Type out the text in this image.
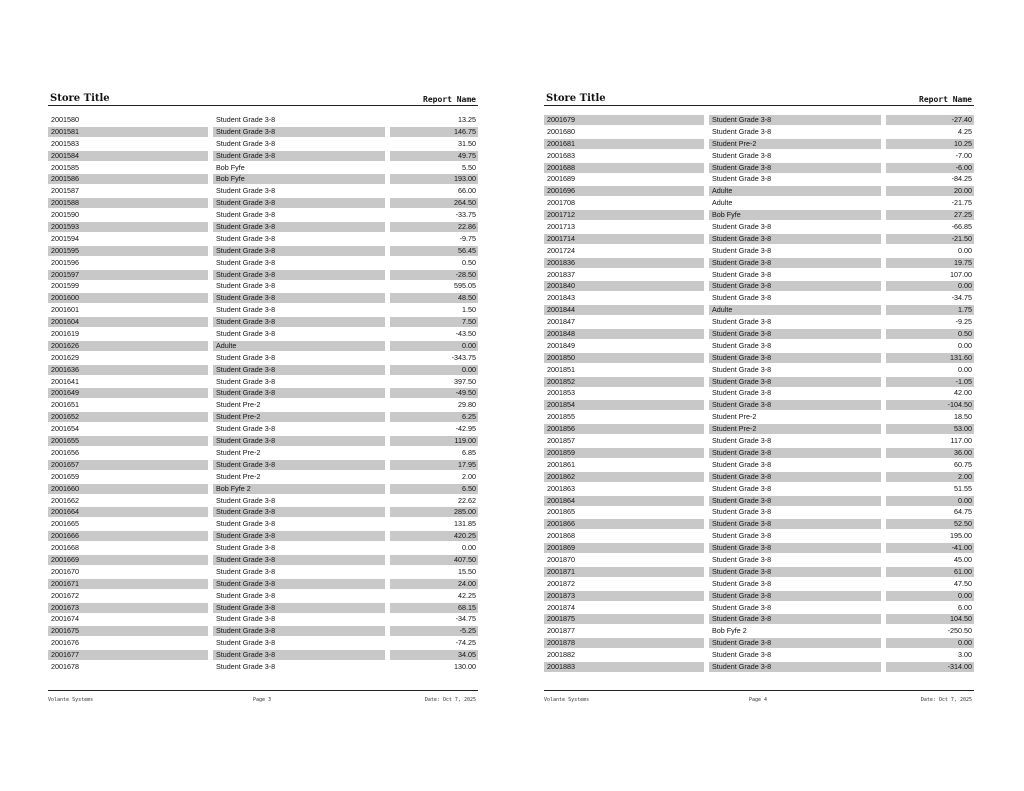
Store Title	Report Name
2001580	Student Grade 3-8	13.25
2001581	Student Grade 3-8	146.75
2001583	Student Grade 3-8	31.50
2001584	Student Grade 3-8	49.75
2001585	Bob Fyfe	5.50
2001586	Bob Fyfe	193.00
2001587	Student Grade 3-8	66.00
2001588	Student Grade 3-8	264.50
2001590	Student Grade 3-8	-33.75
2001593	Student Grade 3-8	22.86
2001594	Student Grade 3-8	-9.75
2001595	Student Grade 3-8	56.45
2001596	Student Grade 3-8	0.50
2001597	Student Grade 3-8	-28.50
2001599	Student Grade 3-8	595.05
2001600	Student Grade 3-8	48.50
2001601	Student Grade 3-8	1.50
2001604	Student Grade 3-8	7.50
2001619	Student Grade 3-8	-43.50
2001626	Adulte	0.00
2001629	Student Grade 3-8	-343.75
2001636	Student Grade 3-8	0.00
2001641	Student Grade 3-8	397.50
2001649	Student Grade 3-8	-49.50
2001651	Student Pre-2	29.80
2001652	Student Pre-2	6.25
2001654	Student Grade 3-8	-42.95
2001655	Student Grade 3-8	119.00
2001656	Student Pre-2	6.85
2001657	Student Grade 3-8	17.95
2001659	Student Pre-2	2.00
2001660	Bob Fyfe 2	6.50
2001662	Student Grade 3-8	22.62
2001664	Student Grade 3-8	285.00
2001665	Student Grade 3-8	131.85
2001666	Student Grade 3-8	420.25
2001668	Student Grade 3-8	0.00
2001669	Student Grade 3-8	407.50
2001670	Student Grade 3-8	15.50
2001671	Student Grade 3-8	24.00
2001672	Student Grade 3-8	42.25
2001673	Student Grade 3-8	68.15
2001674	Student Grade 3-8	-34.75
2001675	Student Grade 3-8	-5.25
2001676	Student Grade 3-8	-74.25
2001677	Student Grade 3-8	34.05
2001678	Student Grade 3-8	130.00
Volante Systems	Page 3	Date: Oct 7, 2025
Store Title	Report Name
2001679	Student Grade 3-8	-27.40
2001680	Student Grade 3-8	4.25
2001681	Student Pre-2	10.25
2001683	Student Grade 3-8	-7.00
2001688	Student Grade 3-8	-6.00
2001689	Student Grade 3-8	-84.25
2001696	Adulte	20.00
2001708	Adulte	-21.75
2001712	Bob Fyfe	27.25
2001713	Student Grade 3-8	-66.85
2001714	Student Grade 3-8	-21.50
2001724	Student Grade 3-8	0.00
2001836	Student Grade 3-8	19.75
2001837	Student Grade 3-8	107.00
2001840	Student Grade 3-8	0.00
2001843	Student Grade 3-8	-34.75
2001844	Adulte	1.75
2001847	Student Grade 3-8	-9.25
2001848	Student Grade 3-8	0.50
2001849	Student Grade 3-8	0.00
2001850	Student Grade 3-8	131.60
2001851	Student Grade 3-8	0.00
2001852	Student Grade 3-8	-1.05
2001853	Student Grade 3-8	42.00
2001854	Student Grade 3-8	-104.50
2001855	Student Pre-2	18.50
2001856	Student Pre-2	53.00
2001857	Student Grade 3-8	117.00
2001859	Student Grade 3-8	36.00
2001861	Student Grade 3-8	60.75
2001862	Student Grade 3-8	2.00
2001863	Student Grade 3-8	51.55
2001864	Student Grade 3-8	0.00
2001865	Student Grade 3-8	64.75
2001866	Student Grade 3-8	52.50
2001868	Student Grade 3-8	195.00
2001869	Student Grade 3-8	-41.00
2001870	Student Grade 3-8	45.00
2001871	Student Grade 3-8	61.00
2001872	Student Grade 3-8	47.50
2001873	Student Grade 3-8	0.00
2001874	Student Grade 3-8	6.00
2001875	Student Grade 3-8	104.50
2001877	Bob Fyfe 2	-250.50
2001878	Student Grade 3-8	0.00
2001882	Student Grade 3-8	3.00
2001883	Student Grade 3-8	-314.00
Volante Systems	Page 4	Date: Oct 7, 2025
